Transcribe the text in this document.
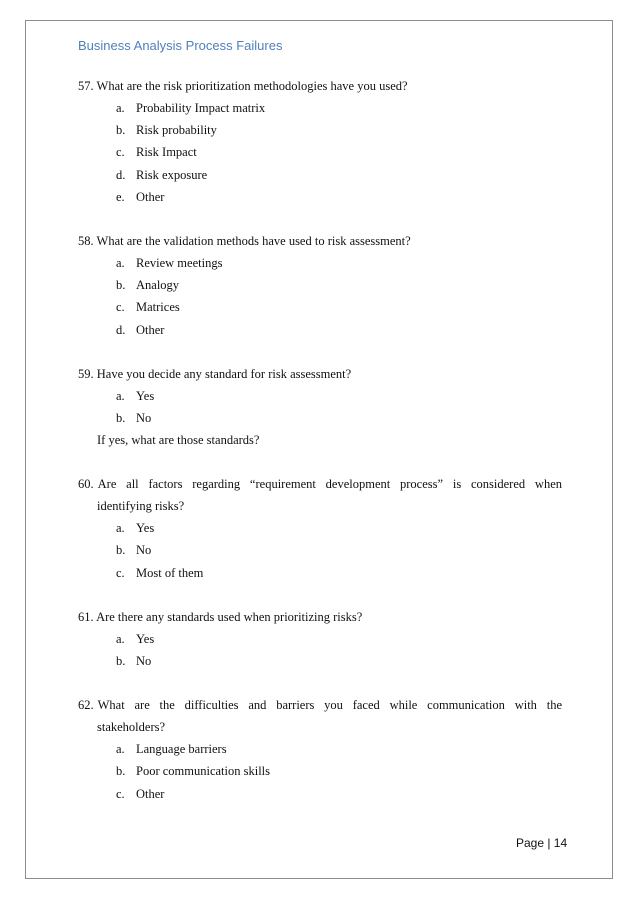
Business Analysis Process Failures
57. What are the risk prioritization methodologies have you used?
a. Probability Impact matrix
b. Risk probability
c. Risk Impact
d. Risk exposure
e. Other
58. What are the validation methods have used to risk assessment?
a. Review meetings
b. Analogy
c. Matrices
d. Other
59. Have you decide any standard for risk assessment?
a. Yes
b. No
If yes, what are those standards?
60. Are all factors regarding “requirement development process” is considered when
identifying risks?
a. Yes
b. No
c. Most of them
61. Are there any standards used when prioritizing risks?
a. Yes
b. No
62. What are the difficulties and barriers you faced while communication with the
stakeholders?
a. Language barriers
b. Poor communication skills
c. Other
Page | 14
